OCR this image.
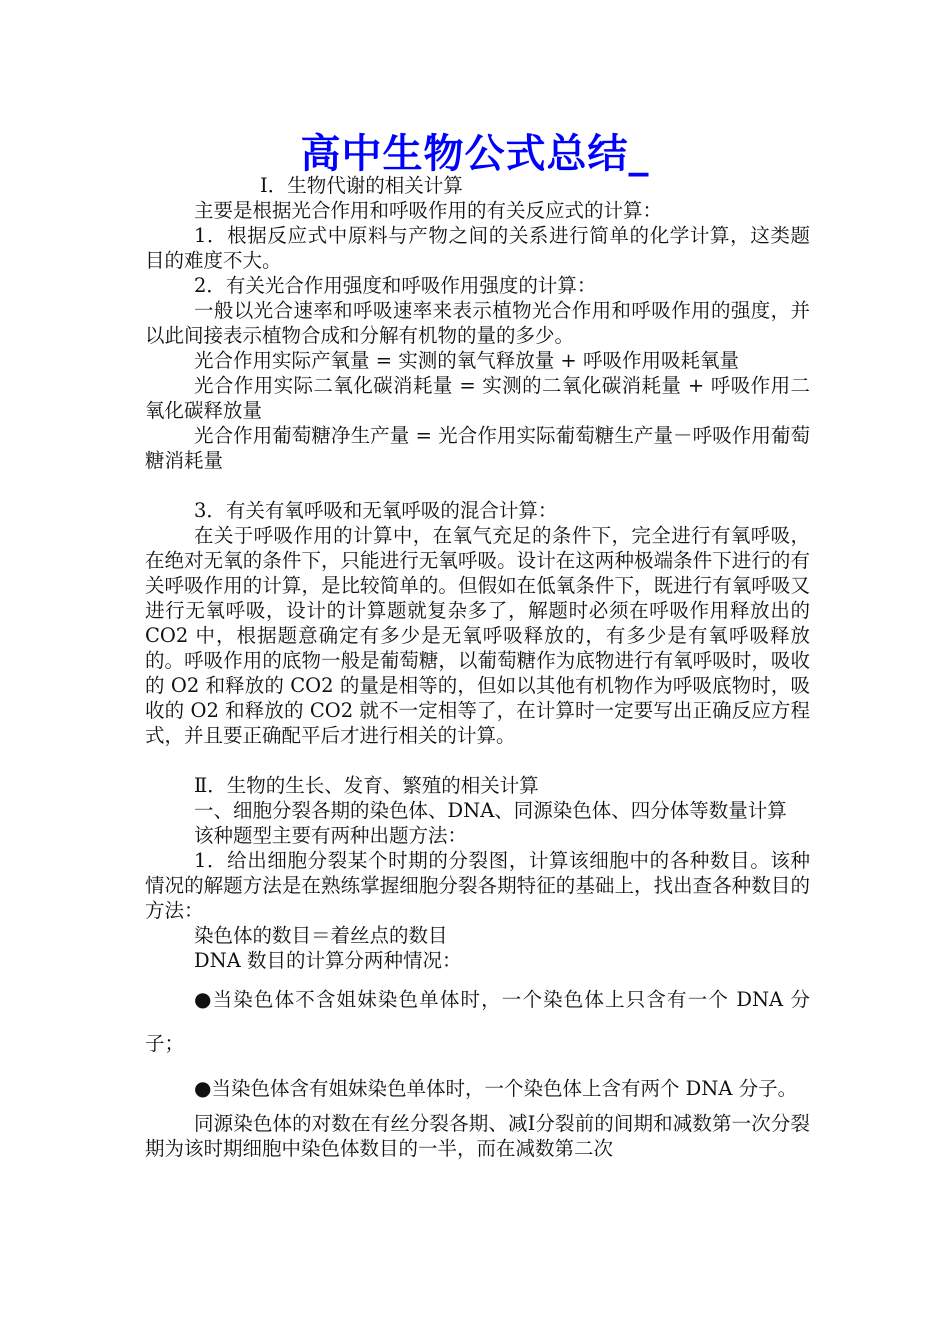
高中生物公式总结_

Ⅰ．生物代谢的相关计算

主要是根据光合作用和呼吸作用的有关反应式的计算：

1．根据反应式中原料与产物之间的关系进行简单的化学计算，这类题目的难度不大。

2．有关光合作用强度和呼吸作用强度的计算：

一般以光合速率和呼吸速率来表示植物光合作用和呼吸作用的强度，并以此间接表示植物合成和分解有机物的量的多少。

光合作用实际产氧量 = 实测的氧气释放量 + 呼吸作用吸耗氧量

光合作用实际二氧化碳消耗量 = 实测的二氧化碳消耗量 + 呼吸作用二氧化碳释放量

光合作用葡萄糖净生产量 = 光合作用实际葡萄糖生产量－呼吸作用葡萄糖消耗量

3．有关有氧呼吸和无氧呼吸的混合计算：

在关于呼吸作用的计算中，在氧气充足的条件下，完全进行有氧呼吸，在绝对无氧的条件下，只能进行无氧呼吸。设计在这两种极端条件下进行的有关呼吸作用的计算，是比较简单的。但假如在低氧条件下，既进行有氧呼吸又进行无氧呼吸，设计的计算题就复杂多了，解题时必须在呼吸作用释放出的 CO2 中，根据题意确定有多少是无氧呼吸释放的，有多少是有氧呼吸释放的。呼吸作用的底物一般是葡萄糖，以葡萄糖作为底物进行有氧呼吸时，吸收的 O2 和释放的 CO2 的量是相等的，但如以其他有机物作为呼吸底物时，吸收的 O2 和释放的 CO2 就不一定相等了，在计算时一定要写出正确反应方程式，并且要正确配平后才进行相关的计算。

Ⅱ．生物的生长、发育、繁殖的相关计算

一、细胞分裂各期的染色体、DNA、同源染色体、四分体等数量计算

该种题型主要有两种出题方法：

1．给出细胞分裂某个时期的分裂图，计算该细胞中的各种数目。该种情况的解题方法是在熟练掌握细胞分裂各期特征的基础上，找出查各种数目的方法：

染色体的数目＝着丝点的数目

DNA 数目的计算分两种情况：

●当染色体不含姐妹染色单体时，一个染色体上只含有一个 DNA 分子；

●当染色体含有姐妹染色单体时，一个染色体上含有两个 DNA 分子。

同源染色体的对数在有丝分裂各期、减Ⅰ分裂前的间期和减数第一次分裂期为该时期细胞中染色体数目的一半，而在减数第二次
